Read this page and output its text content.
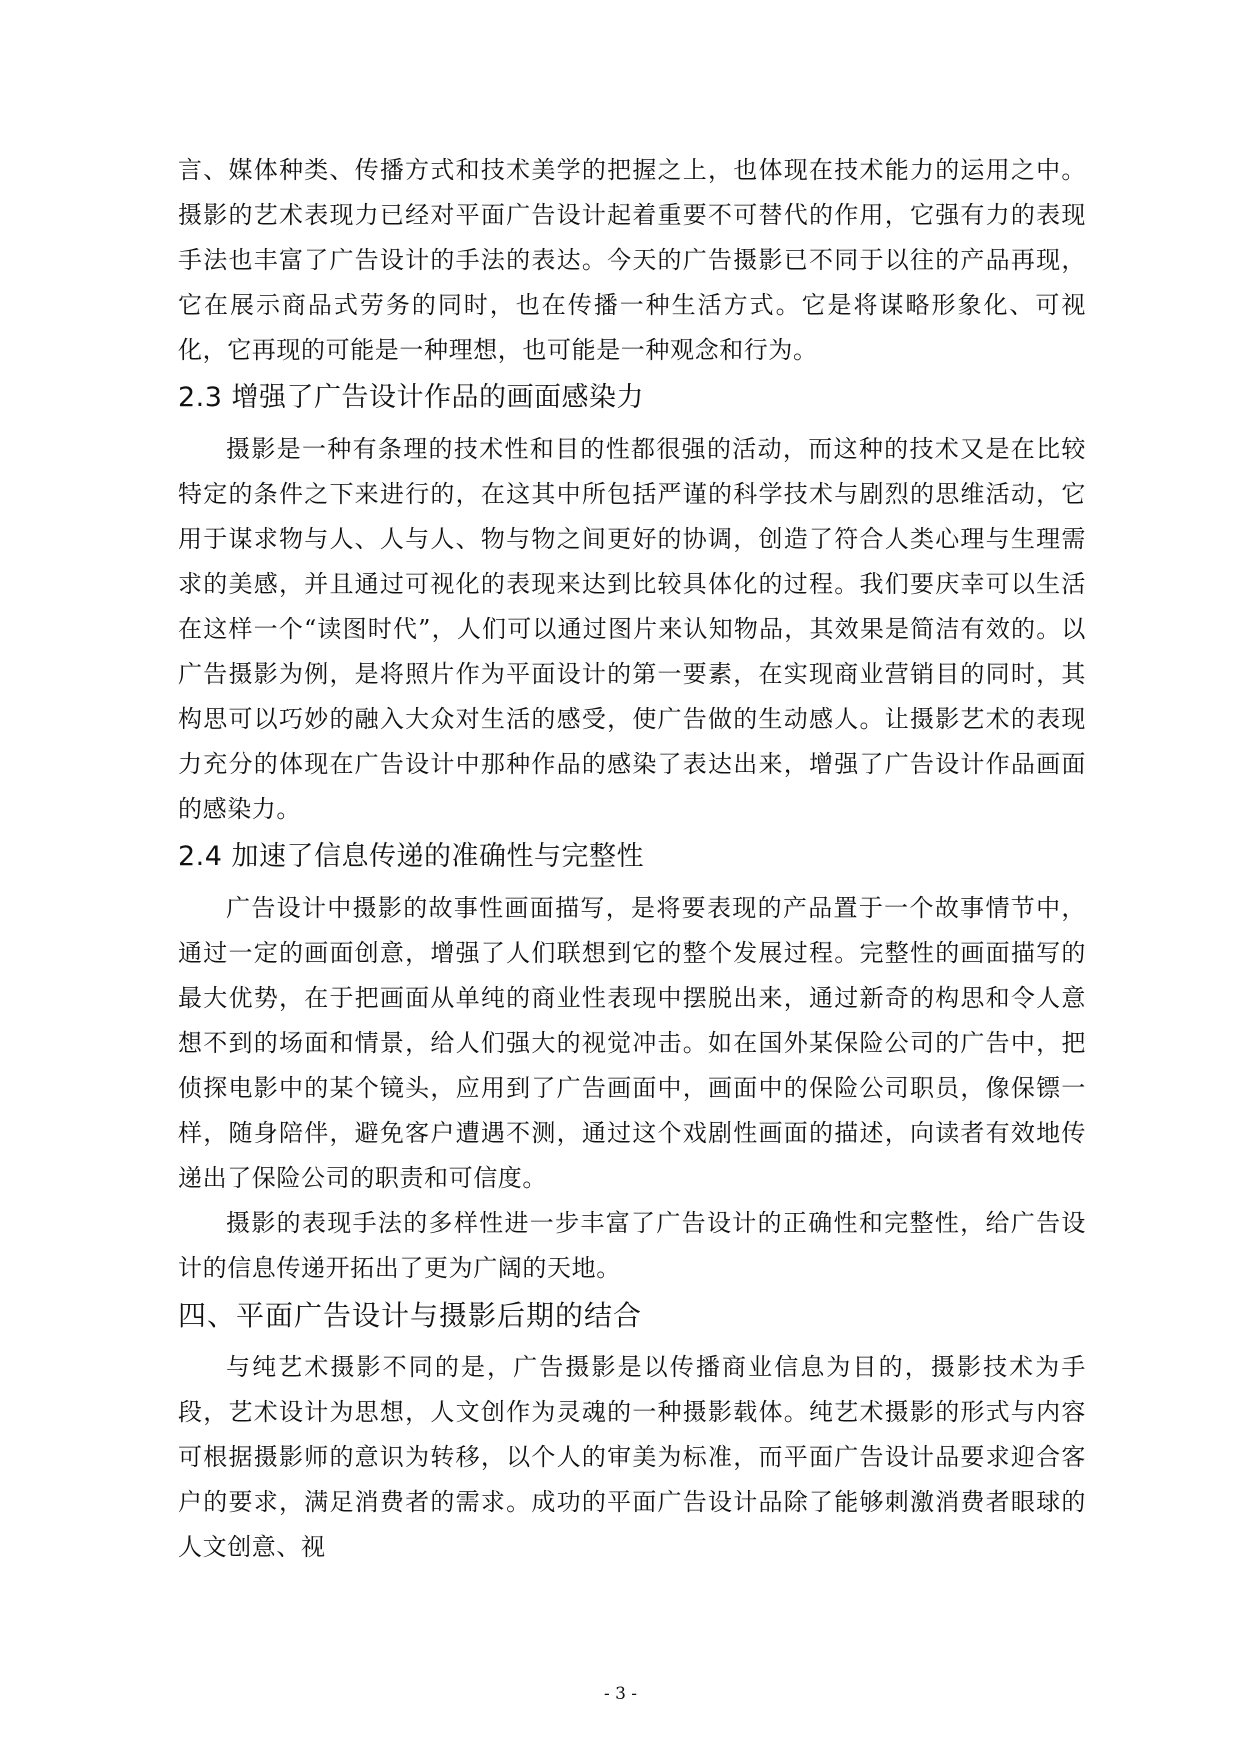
言、媒体种类、传播方式和技术美学的把握之上，也体现在技术能力的运用之中。摄影的艺术表现力已经对平面广告设计起着重要不可替代的作用，它强有力的表现手法也丰富了广告设计的手法的表达。今天的广告摄影已不同于以往的产品再现，它在展示商品式劳务的同时，也在传播一种生活方式。它是将谋略形象化、可视化，它再现的可能是一种理想，也可能是一种观念和行为。

2.3 增强了广告设计作品的画面感染力

摄影是一种有条理的技术性和目的性都很强的活动，而这种的技术又是在比较特定的条件之下来进行的，在这其中所包括严谨的科学技术与剧烈的思维活动，它用于谋求物与人、人与人、物与物之间更好的协调，创造了符合人类心理与生理需求的美感，并且通过可视化的表现来达到比较具体化的过程。我们要庆幸可以生活在这样一个“读图时代”，人们可以通过图片来认知物品，其效果是简洁有效的。以广告摄影为例，是将照片作为平面设计的第一要素，在实现商业营销目的同时，其构思可以巧妙的融入大众对生活的感受，使广告做的生动感人。让摄影艺术的表现力充分的体现在广告设计中那种作品的感染了表达出来，增强了广告设计作品画面的感染力。

2.4 加速了信息传递的准确性与完整性

广告设计中摄影的故事性画面描写，是将要表现的产品置于一个故事情节中，通过一定的画面创意，增强了人们联想到它的整个发展过程。完整性的画面描写的最大优势，在于把画面从单纯的商业性表现中摆脱出来，通过新奇的构思和令人意想不到的场面和情景，给人们强大的视觉冲击。如在国外某保险公司的广告中，把侦探电影中的某个镜头，应用到了广告画面中，画面中的保险公司职员，像保镖一样，随身陪伴，避免客户遭遇不测，通过这个戏剧性画面的描述，向读者有效地传递出了保险公司的职责和可信度。

摄影的表现手法的多样性进一步丰富了广告设计的正确性和完整性，给广告设计的信息传递开拓出了更为广阔的天地。

四、平面广告设计与摄影后期的结合

与纯艺术摄影不同的是，广告摄影是以传播商业信息为目的，摄影技术为手段，艺术设计为思想，人文创作为灵魂的一种摄影载体。纯艺术摄影的形式与内容可根据摄影师的意识为转移，以个人的审美为标准，而平面广告设计品要求迎合客户的要求，满足消费者的需求。成功的平面广告设计品除了能够刺激消费者眼球的人文创意、视

- 3 -
